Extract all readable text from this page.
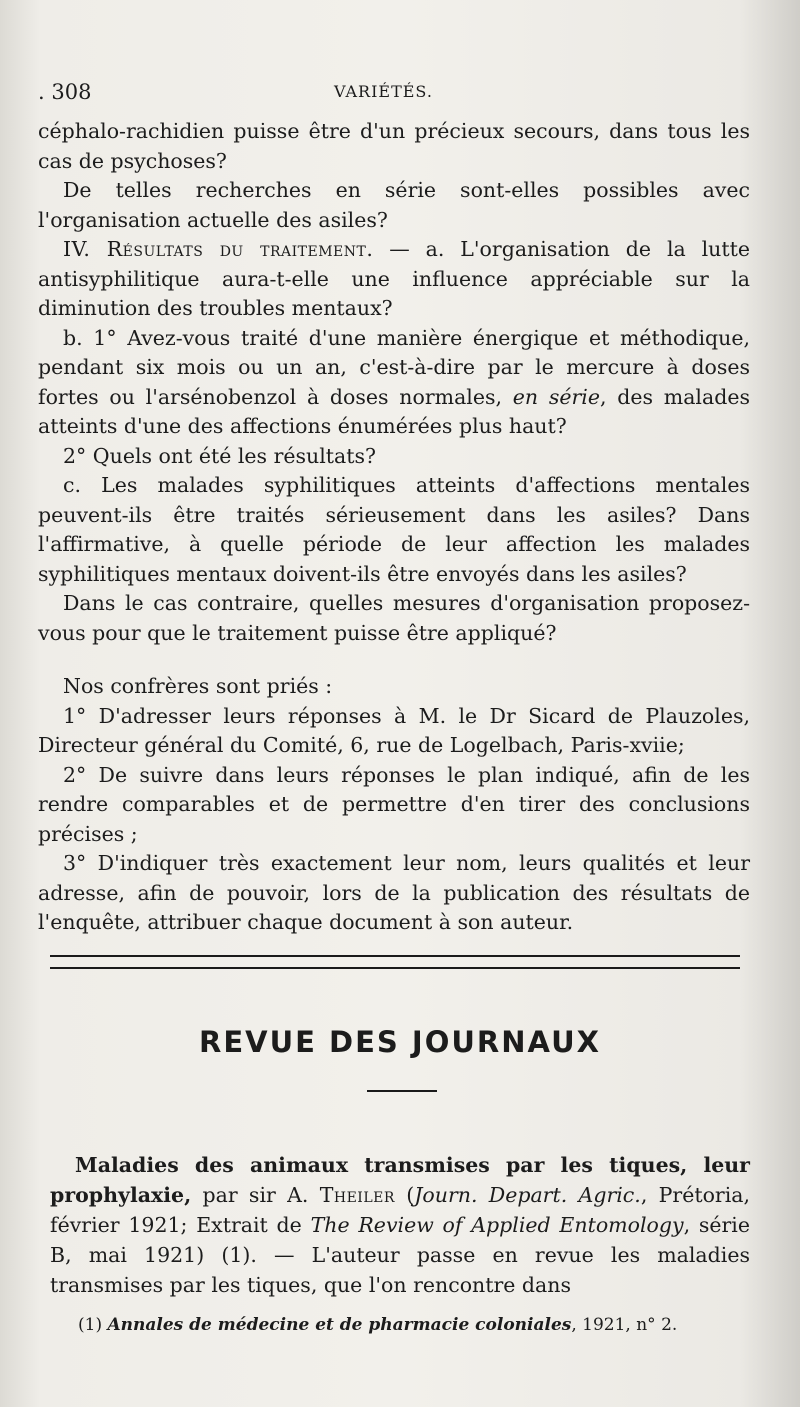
. 308	VARIÉTÉS.

céphalo-rachidien puisse être d'un précieux secours, dans tous les cas de psychoses?

De telles recherches en série sont-elles possibles avec l'organisation actuelle des asiles?

IV. Résultats du traitement. — a. L'organisation de la lutte antisyphilitique aura-t-elle une influence appréciable sur la diminution des troubles mentaux?

b. 1° Avez-vous traité d'une manière énergique et méthodique, pendant six mois ou un an, c'est-à-dire par le mercure à doses fortes ou l'arsénobenzol à doses normales, en série, des malades atteints d'une des affections énumérées plus haut?

2° Quels ont été les résultats?

c. Les malades syphilitiques atteints d'affections mentales peuvent-ils être traités sérieusement dans les asiles? Dans l'affirmative, à quelle période de leur affection les malades syphilitiques mentaux doivent-ils être envoyés dans les asiles?

Dans le cas contraire, quelles mesures d'organisation proposez-vous pour que le traitement puisse être appliqué?

Nos confrères sont priés :

1° D'adresser leurs réponses à M. le Dr Sicard de Plauzoles, Directeur général du Comité, 6, rue de Logelbach, Paris-xviie;

2° De suivre dans leurs réponses le plan indiqué, afin de les rendre comparables et de permettre d'en tirer des conclusions précises ;

3° D'indiquer très exactement leur nom, leurs qualités et leur adresse, afin de pouvoir, lors de la publication des résultats de l'enquête, attribuer chaque document à son auteur.

REVUE DES JOURNAUX

Maladies des animaux transmises par les tiques, leur prophylaxie, par sir A. Theiler (Journ. Depart. Agric., Prétoria, février 1921; Extrait de The Review of Applied Entomology, série B, mai 1921) (1). — L'auteur passe en revue les maladies transmises par les tiques, que l'on rencontre dans

(1) Annales de médecine et de pharmacie coloniales, 1921, n° 2.
